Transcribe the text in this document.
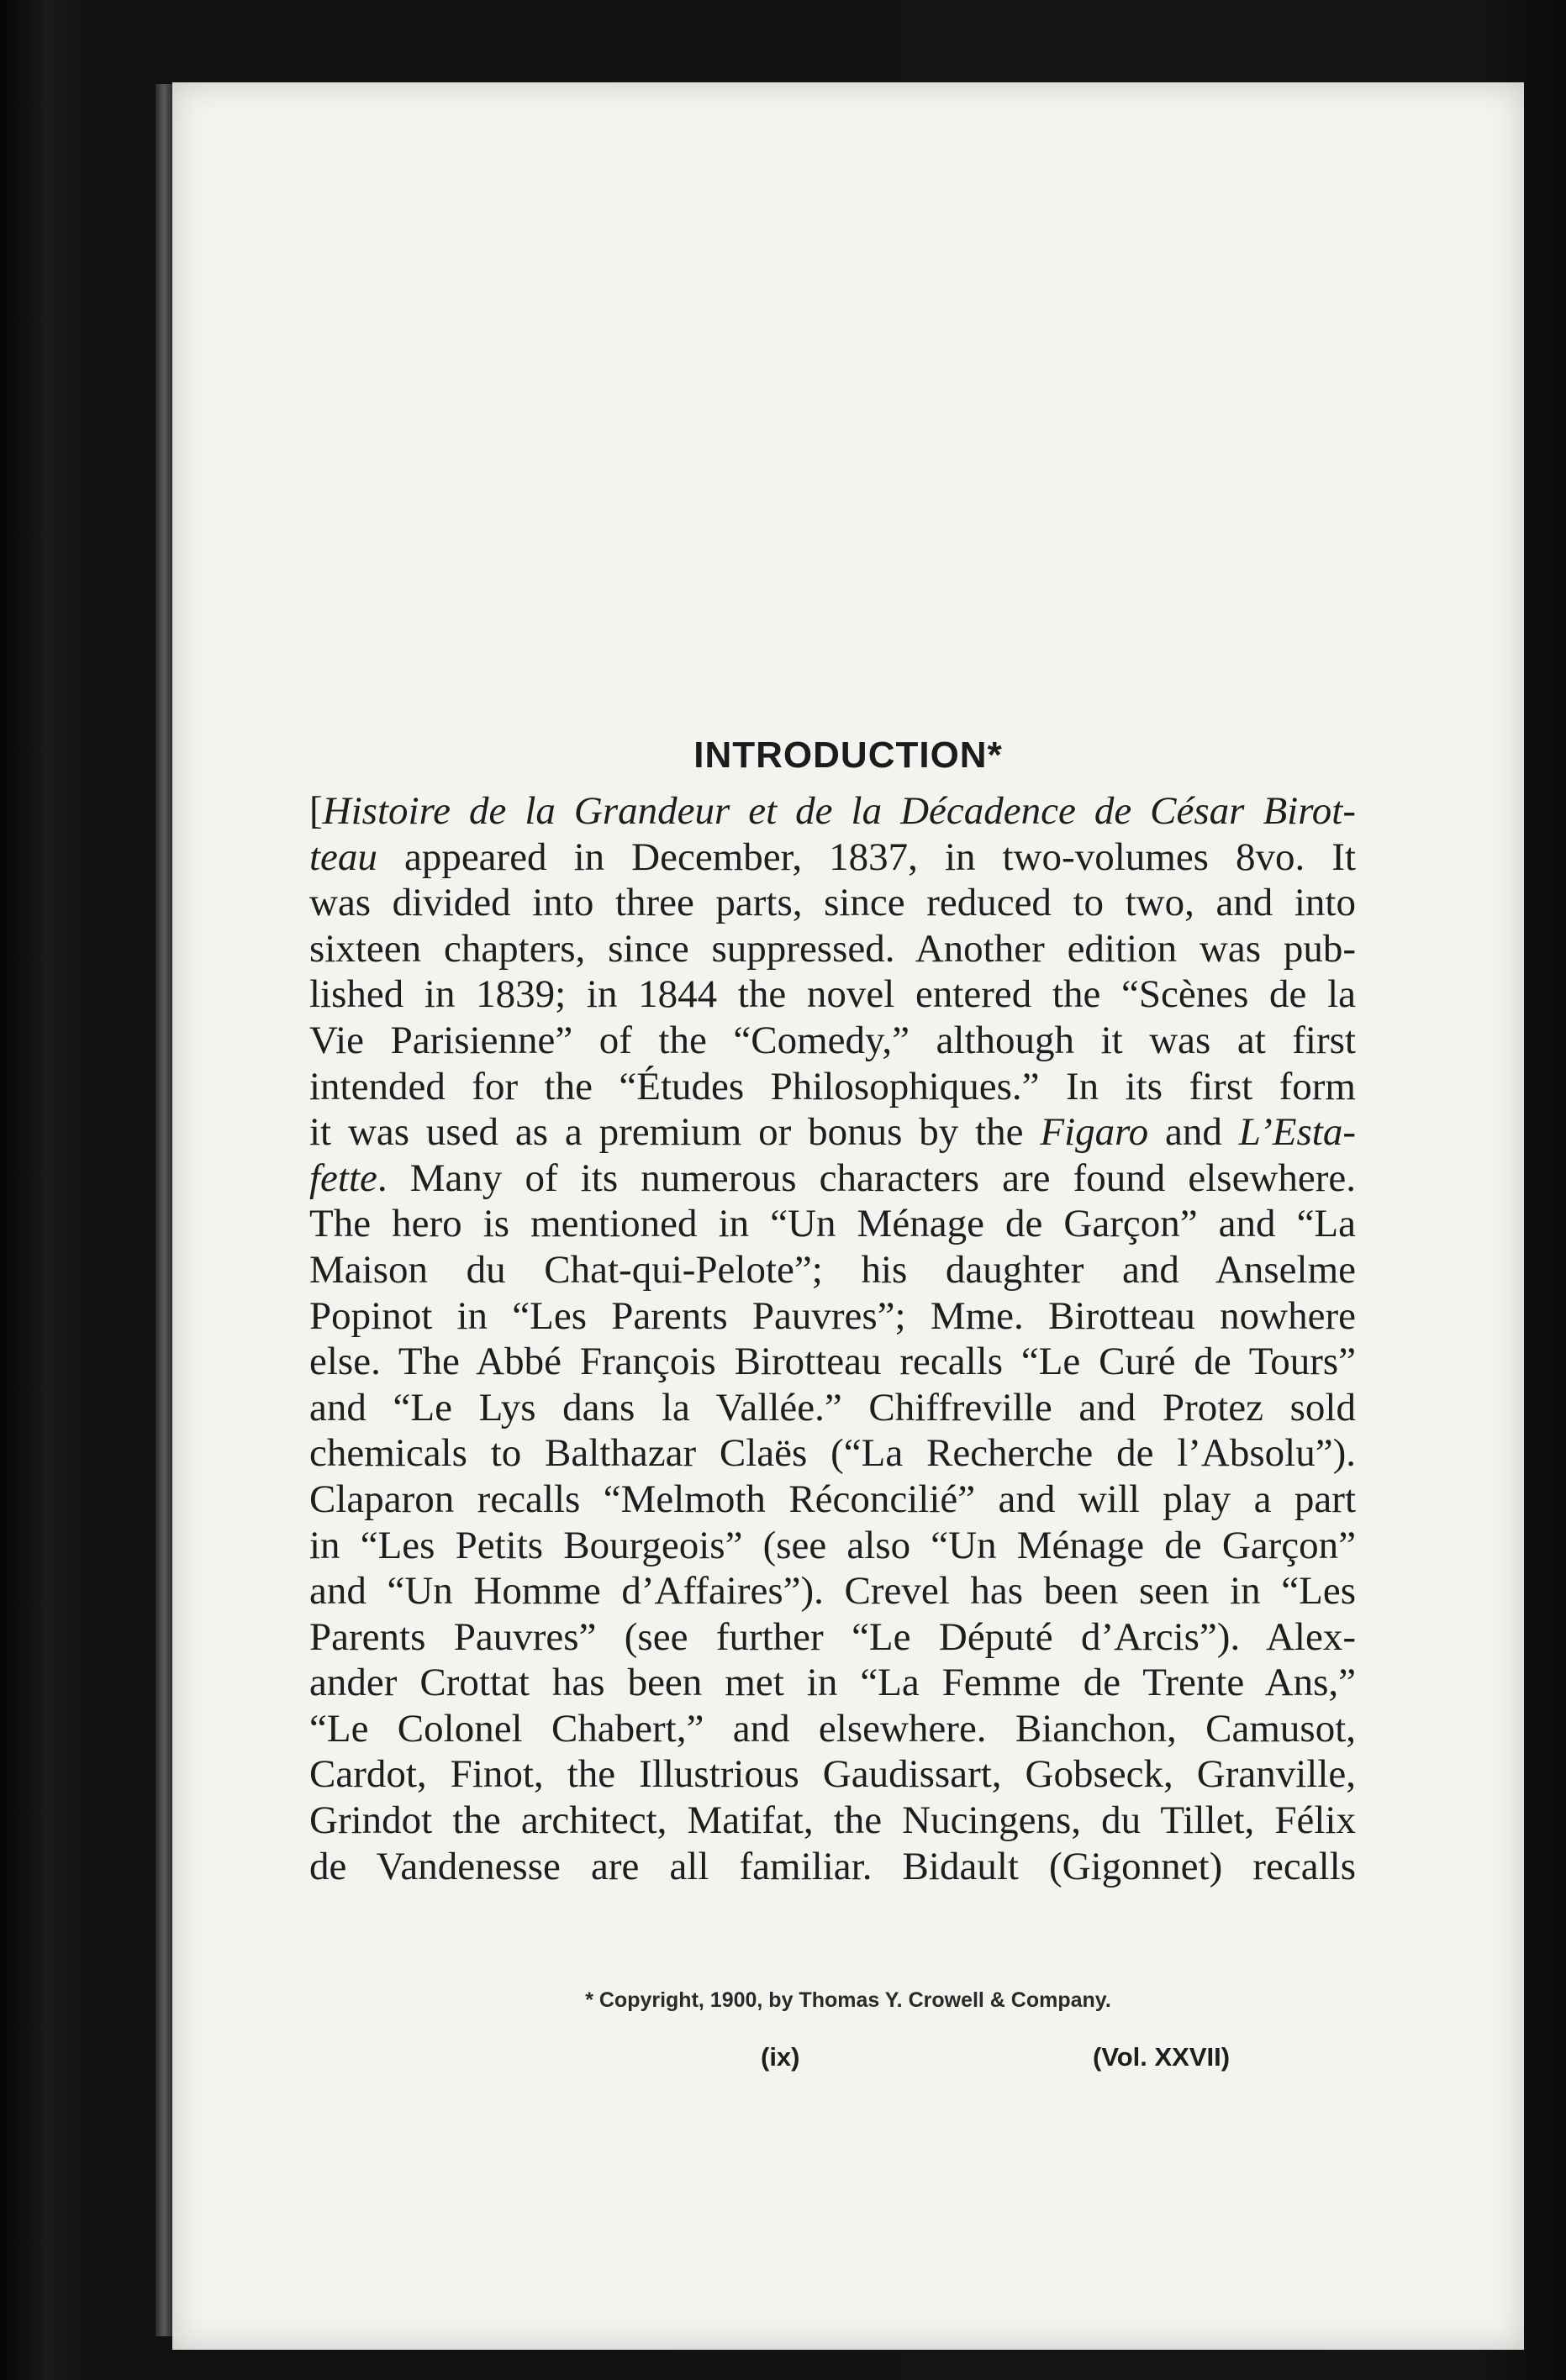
INTRODUCTION*
[Histoire de la Grandeur et de la Décadence de César Birot-
teau appeared in December, 1837, in two-volumes 8vo. It
was divided into three parts, since reduced to two, and into
sixteen chapters, since suppressed. Another edition was pub-
lished in 1839; in 1844 the novel entered the “Scènes de la
Vie Parisienne” of the “Comedy,” although it was at first
intended for the “Études Philosophiques.” In its first form
it was used as a premium or bonus by the Figaro and L’Esta-
fette. Many of its numerous characters are found elsewhere.
The hero is mentioned in “Un Ménage de Garçon” and “La
Maison du Chat-qui-Pelote”; his daughter and Anselme
Popinot in “Les Parents Pauvres”; Mme. Birotteau nowhere
else. The Abbé François Birotteau recalls “Le Curé de Tours”
and “Le Lys dans la Vallée.” Chiffreville and Protez sold
chemicals to Balthazar Claës (“La Recherche de l’Absolu”).
Claparon recalls “Melmoth Réconcilié” and will play a part
in “Les Petits Bourgeois” (see also “Un Ménage de Garçon”
and “Un Homme d’Affaires”). Crevel has been seen in “Les
Parents Pauvres” (see further “Le Député d’Arcis”). Alex-
ander Crottat has been met in “La Femme de Trente Ans,”
“Le Colonel Chabert,” and elsewhere. Bianchon, Camusot,
Cardot, Finot, the Illustrious Gaudissart, Gobseck, Granville,
Grindot the architect, Matifat, the Nucingens, du Tillet, Félix
de Vandenesse are all familiar. Bidault (Gigonnet) recalls
* Copyright, 1900, by Thomas Y. Crowell & Company.
(ix)	(Vol. XXVII)
